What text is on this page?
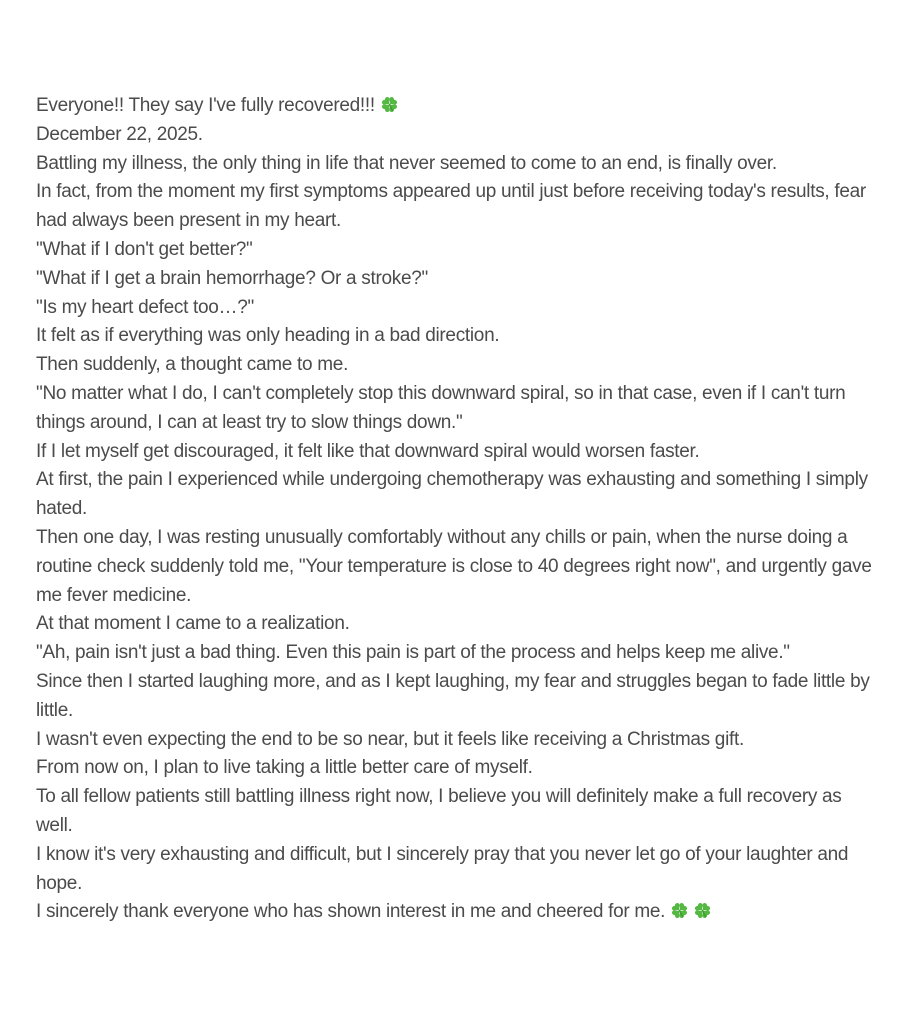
Everyone!! They say I've fully recovered!!!

December 22, 2025.

Battling my illness, the only thing in life that never seemed to come to an end, is finally over.

In fact, from the moment my first symptoms appeared up until just before receiving today's results, fear had always been present in my heart.

"What if I don't get better?"

"What if I get a brain hemorrhage? Or a stroke?"

"Is my heart defect too…?"

It felt as if everything was only heading in a bad direction.

Then suddenly, a thought came to me.

"No matter what I do, I can't completely stop this downward spiral, so in that case, even if I can't turn things around, I can at least try to slow things down."

If I let myself get discouraged, it felt like that downward spiral would worsen faster.

At first, the pain I experienced while undergoing chemotherapy was exhausting and something I simply hated.

Then one day, I was resting unusually comfortably without any chills or pain, when the nurse doing a routine check suddenly told me, "Your temperature is close to 40 degrees right now", and urgently gave me fever medicine.

At that moment I came to a realization.

"Ah, pain isn't just a bad thing. Even this pain is part of the process and helps keep me alive."

Since then I started laughing more, and as I kept laughing, my fear and struggles began to fade little by little.

I wasn't even expecting the end to be so near, but it feels like receiving a Christmas gift.

From now on, I plan to live taking a little better care of myself.

To all fellow patients still battling illness right now, I believe you will definitely make a full recovery as well.

I know it's very exhausting and difficult, but I sincerely pray that you never let go of your laughter and hope.

I sincerely thank everyone who has shown interest in me and cheered for me.
